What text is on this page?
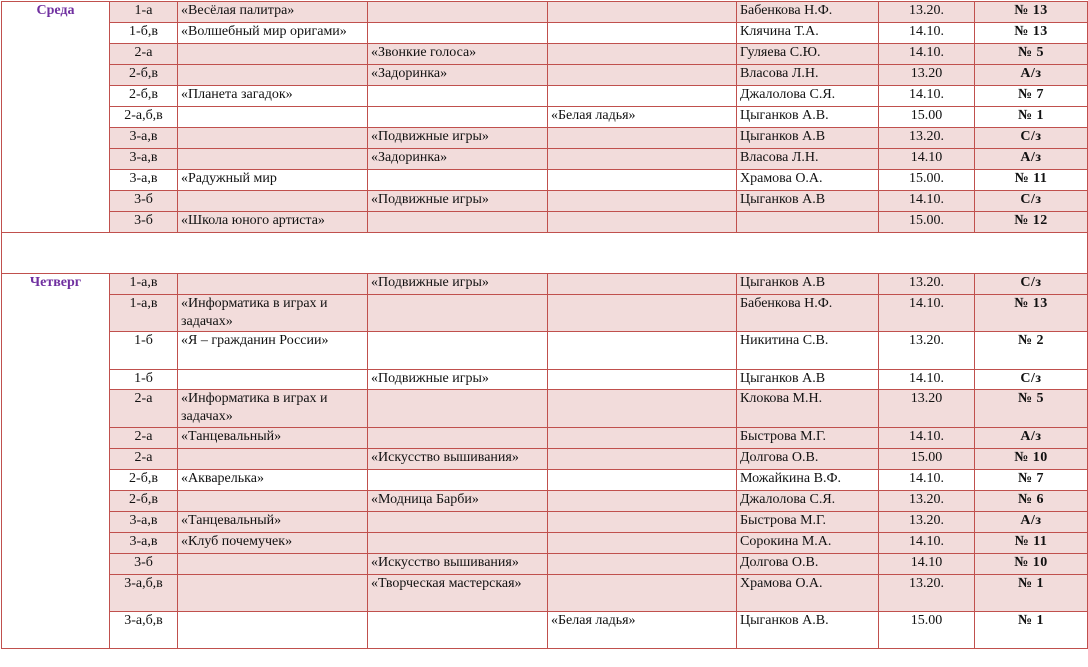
Среда	1-а	«Весёлая палитра»			Бабенкова Н.Ф.	13.20.	№ 13
	1-б,в	«Волшебный мир оригами»			Клячина Т.А.	14.10.	№ 13
	2-а		«Звонкие голоса»		Гуляева С.Ю.	14.10.	№ 5
	2-б,в		«Задоринка»		Власова Л.Н.	13.20	А/з
	2-б,в	«Планета загадок»			Джалолова С.Я.	14.10.	№ 7
	2-а,б,в			«Белая ладья»	Цыганков А.В.	15.00	№ 1
	3-а,в		«Подвижные игры»		Цыганков А.В	13.20.	С/з
	3-а,в		«Задоринка»		Власова Л.Н.	14.10	А/з
	3-а,в	«Радужный мир			Храмова О.А.	15.00.	№ 11
	3-б		«Подвижные игры»		Цыганков А.В	14.10.	С/з
	3-б	«Школа юного артиста»				15.00.	№ 12

Четверг	1-а,в		«Подвижные игры»		Цыганков А.В	13.20.	С/з
	1-а,в	«Информатика в играх и задачах»			Бабенкова Н.Ф.	14.10.	№ 13
	1-б	«Я – гражданин России»			Никитина С.В.	13.20.	№ 2
	1-б		«Подвижные игры»		Цыганков А.В	14.10.	С/з
	2-а	«Информатика в играх и задачах»			Клокова М.Н.	13.20	№ 5
	2-а	«Танцевальный»			Быстрова М.Г.	14.10.	А/з
	2-а		«Искусство вышивания»		Долгова О.В.	15.00	№ 10
	2-б,в	«Акварелька»			Можайкина В.Ф.	14.10.	№ 7
	2-б,в		«Модница Барби»		Джалолова С.Я.	13.20.	№ 6
	3-а,в	«Танцевальный»			Быстрова М.Г.	13.20.	А/з
	3-а,в	«Клуб почемучек»			Сорокина М.А.	14.10.	№ 11
	3-б		«Искусство вышивания»		Долгова О.В.	14.10	№ 10
	3-а,б,в		«Творческая мастерская»		Храмова О.А.	13.20.	№ 1
	3-а,б,в			«Белая ладья»	Цыганков А.В.	15.00	№ 1
